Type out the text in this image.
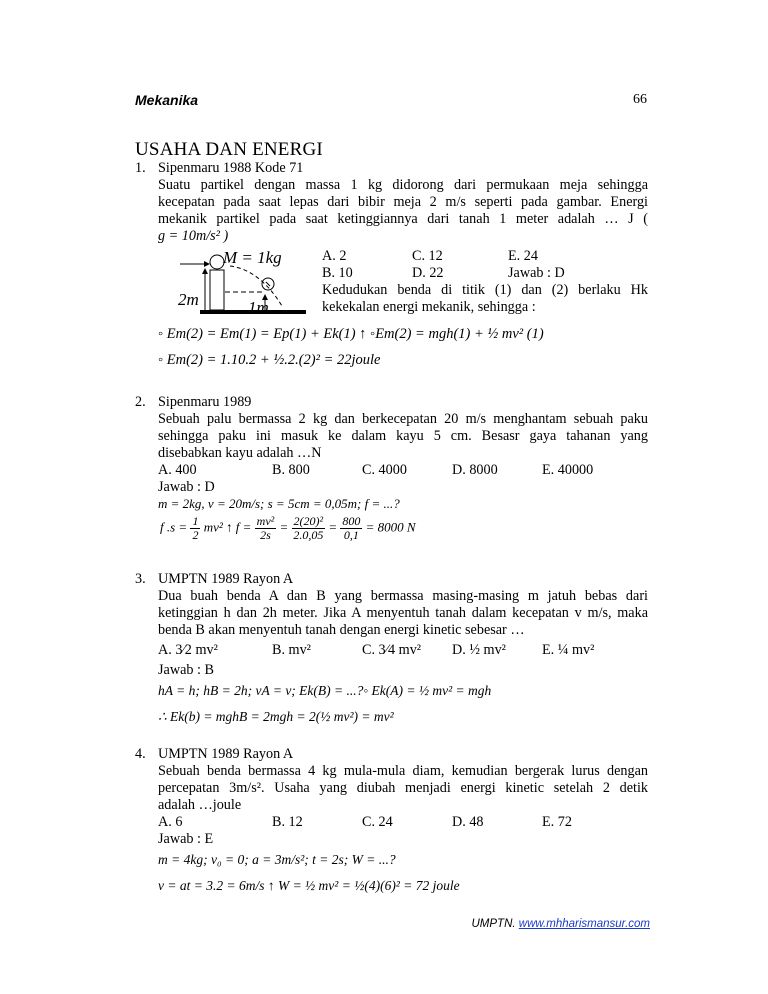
Mekanika	66
USAHA DAN ENERGI
1. Sipenmaru 1988 Kode 71
Suatu partikel dengan massa 1 kg didorong dari permukaan meja sehingga
kecepatan pada saat lepas dari bibir meja 2 m/s seperti pada gambar. Energi
mekanik partikel pada saat ketinggiannya dari tanah 1 meter adalah … J (
g = 10m/s² )
M = 1kg
2m	1m
A. 2	C. 12	E. 24
B. 10	D. 22	Jawab : D
Kedudukan benda di titik (1) dan (2) berlaku Hk
kekekalan energi mekanik, sehingga :
◦ Em(2) = Em(1) = Ep(1) + Ek(1) ↑ ◦Em(2) = mgh(1) + ½ mv² (1)
◦ Em(2) = 1.10.2 + ½.2.(2)² = 22joule
2. Sipenmaru 1989
Sebuah palu bermassa 2 kg dan berkecepatan 20 m/s menghantam sebuah paku
sehingga paku ini masuk ke dalam kayu 5 cm. Besasr gaya tahanan yang
disebabkan kayu adalah …N
A. 400	B. 800	C. 4000	D. 8000	E. 40000
Jawab : D
m = 2kg, v = 20m/s; s = 5cm = 0,05m; f = ...?
f $.s = \frac{1}{2} mv^2$ ↑ $f = \frac{\text{mv²}}{2s} = \frac{\text{2(20)²}}{2.0,05} = \frac{800}{0,1} = 8000$ N
3. UMPTN 1989 Rayon A
Dua buah benda A dan B yang bermassa masing-masing m jatuh bebas dari
ketinggian h dan 2h meter. Jika A menyentuh tanah dalam kecepatan v m/s, maka
benda B akan menyentuh tanah dengan energi kinetic sebesar …
A. 3⁄2 mv²	B. mv²	C. 3⁄4 mv² D. ½ mv²	E. ¼ mv²
Jawab : B
hA = h; hB = 2h; vA = v; Ek(B) = ...?◦ Ek(A) = ½ mv² = mgh
∴ Ek(b) = mghB = 2mgh = 2(½ mv²) = mv²
4. UMPTN 1989 Rayon A
Sebuah benda bermassa 4 kg mula-mula diam, kemudian bergerak lurus dengan
percepatan 3m/s². Usaha yang diubah menjadi energi kinetic setelah 2 detik
adalah …joule
A. 6	B. 12	C. 24	D. 48	E. 72
Jawab : E
m = 4kg; v₀ = 0; a = 3m/s²; t = 2s; W = ...?
v = at = 3.2 = 6m/s ↑ W = ½ mv² = ½(4)(6)² = 72 joule
UMPTN. www.mhharismansur.com
